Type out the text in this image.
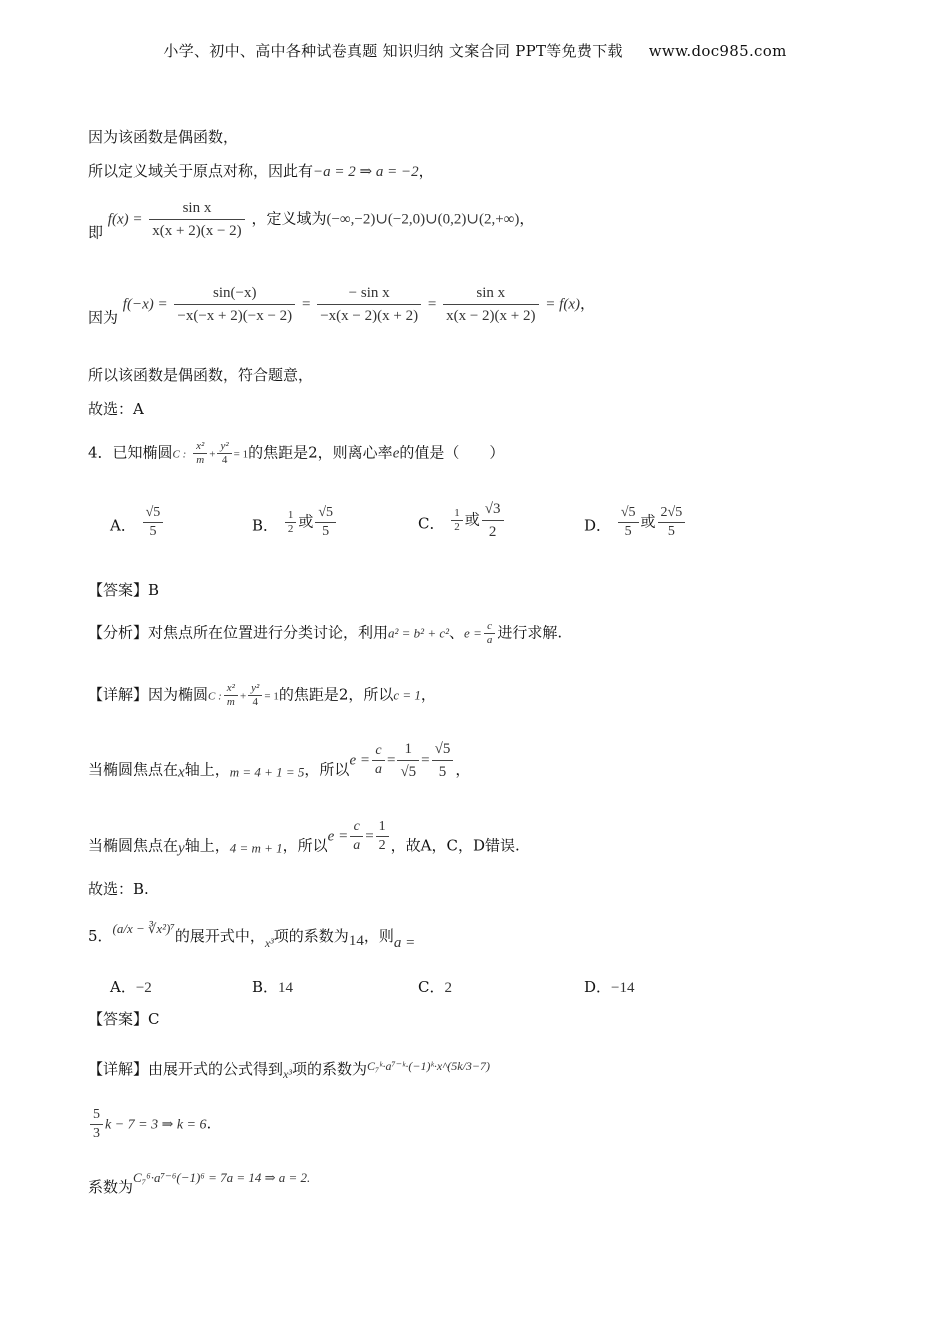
小学、初中、高中各种试卷真题 知识归纳 文案合同 PPT等免费下载 www.doc985.com
因为该函数是偶函数，
所以定义域关于原点对称，因此有−a = 2 ⇒ a = −2，
即 $f(x) = \frac{\text{sin x}}{x(x + 2)(x - 2)}$ ，定义域为(−∞,−2)∪(−2,0)∪(0,2)∪(2,+∞)，
因为 $f(-x) = \frac{\sin(-x)}{-x(-x + 2)(-x - 2)} = \frac{\text{− sin x}}{-x(x - 2)(x + 2)} = \frac{\text{sin x}}{x(x - 2)(x + 2)} = f(x)$，
所以该函数是偶函数，符合题意，
故选：A
4．已知椭圆C : $\frac{\text{x²}}{m} + \frac{\text{y²}}{4} = 1$的焦距是2，则离心率e的值是（　　）
A． $\frac{√5}{5}$	B． $\frac{1}{2}$ 或 $\frac{√5}{5}$	C． $\frac{1}{2}$ 或 $\frac{√3}{2}$	D． $\frac{√5}{5}$ 或 $\frac{2√5}{5}$
【答案】B
【分析】对焦点所在位置进行分类讨论，利用a² = b² + c²、$e = \frac{c}{a}$ 进行求解.
【详解】因为椭圆C : $\frac{\text{x²}}{m} + \frac{\text{y²}}{4} = 1$的焦距是2，所以c = 1，
当椭圆焦点在x轴上，m = 4 + 1 = 5，所以$e = \frac{c}{a} = \frac{1}{√5} = \frac{√5}{5}$ ，
当椭圆焦点在y轴上，4 = m + 1，所以$e = \frac{c}{a} = \frac{1}{2}$ ，故A，C，D错误.
故选：B.
5．(a/x − ∛x²)⁷的展开式中，$_{x^3}$项的系数为14，则a =
A．−2	B．14	C．2	D．−14
【答案】C
【详解】由展开式的公式得到$_{x^3}$项的系数为$^{C_7ᵏ\cdot a^{7-}ᵏ\cdot(-1)ᵏ\cdot x\^{}(5k/3-7)}$
$\frac{5}{3}$ k − 7 = 3 ⇒ k = 6.
系数为C₇⁶·a⁷⁻⁶(−1)⁶ = 7a = 14 ⇒ a = 2.
